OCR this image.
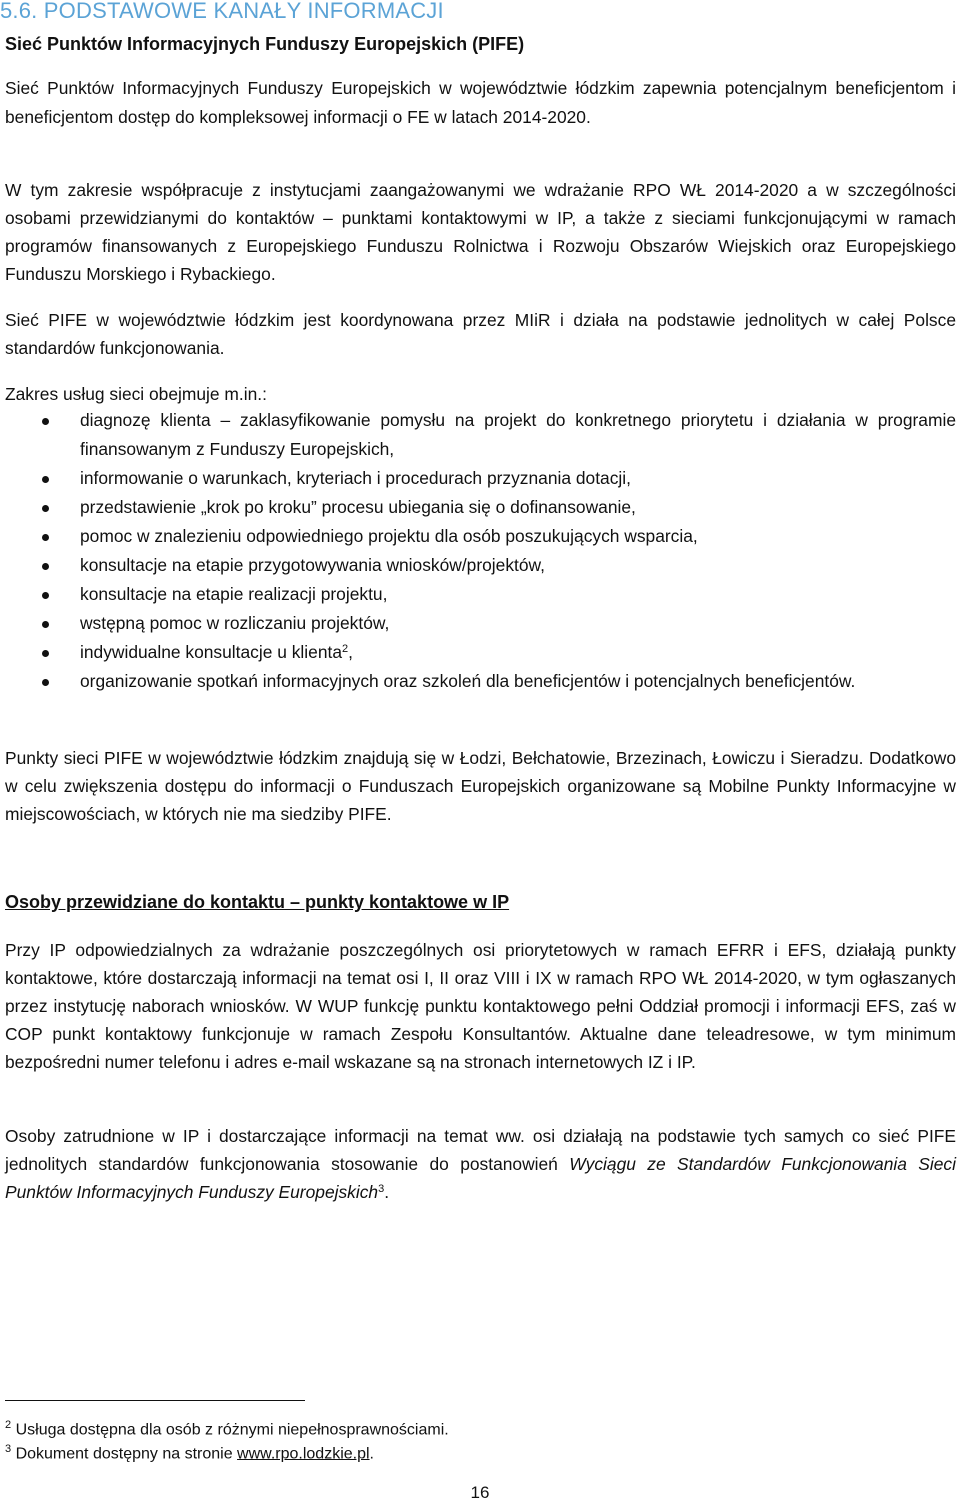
5.6. PODSTAWOWE KANAŁY INFORMACJI
Sieć Punktów Informacyjnych Funduszy Europejskich (PIFE)

Sieć Punktów Informacyjnych Funduszy Europejskich w województwie łódzkim zapewnia potencjalnym beneficjentom i beneficjentom dostęp do kompleksowej informacji o FE w latach 2014-2020.

W tym zakresie współpracuje z instytucjami zaangażowanymi we wdrażanie RPO WŁ 2014-2020 a w szczególności osobami przewidzianymi do kontaktów – punktami kontaktowymi w IP, a także z sieciami funkcjonującymi w ramach programów finansowanych z Europejskiego Funduszu Rolnictwa i Rozwoju Obszarów Wiejskich oraz Europejskiego Funduszu Morskiego i Rybackiego.

Sieć PIFE w województwie łódzkim jest koordynowana przez MIiR i działa na podstawie jednolitych w całej Polsce standardów funkcjonowania.

Zakres usług sieci obejmuje m.in.:

diagnozę klienta – zaklasyfikowanie pomysłu na projekt do konkretnego priorytetu i działania w programie finansowanym z Funduszy Europejskich,
informowanie o warunkach, kryteriach i procedurach przyznania dotacji,
przedstawienie „krok po kroku” procesu ubiegania się o dofinansowanie,
pomoc w znalezieniu odpowiedniego projektu dla osób poszukujących wsparcia,
konsultacje na etapie przygotowywania wniosków/projektów,
konsultacje na etapie realizacji projektu,
wstępną pomoc w rozliczaniu projektów,
indywidualne konsultacje u klienta$^2$,
organizowanie spotkań informacyjnych oraz szkoleń dla beneficjentów i potencjalnych beneficjentów.

Punkty sieci PIFE w województwie łódzkim znajdują się w Łodzi, Bełchatowie, Brzezinach, Łowiczu i Sieradzu. Dodatkowo w celu zwiększenia dostępu do informacji o Funduszach Europejskich organizowane są Mobilne Punkty Informacyjne w miejscowościach, w których nie ma siedziby PIFE.

Osoby przewidziane do kontaktu – punkty kontaktowe w IP

Przy IP odpowiedzialnych za wdrażanie poszczególnych osi priorytetowych w ramach EFRR i EFS, działają punkty kontaktowe, które dostarczają informacji na temat osi I, II oraz VIII i IX w ramach RPO WŁ 2014-2020, w tym ogłaszanych przez instytucję naborach wniosków. W WUP funkcję punktu kontaktowego pełni Oddział promocji i informacji EFS, zaś w COP punkt kontaktowy funkcjonuje w ramach Zespołu Konsultantów. Aktualne dane teleadresowe, w tym minimum bezpośredni numer telefonu i adres e-mail wskazane są na stronach internetowych IZ i IP.

Osoby zatrudnione w IP i dostarczające informacji na temat ww. osi działają na podstawie tych samych co sieć PIFE jednolitych standardów funkcjonowania stosowanie do postanowień Wyciągu ze Standardów Funkcjonowania Sieci Punktów Informacyjnych Funduszy Europejskich$^3$.

$^2$ Usługa dostępna dla osób z różnymi niepełnosprawnościami.
$^3$ Dokument dostępny na stronie www.rpo.lodzkie.pl.
16
